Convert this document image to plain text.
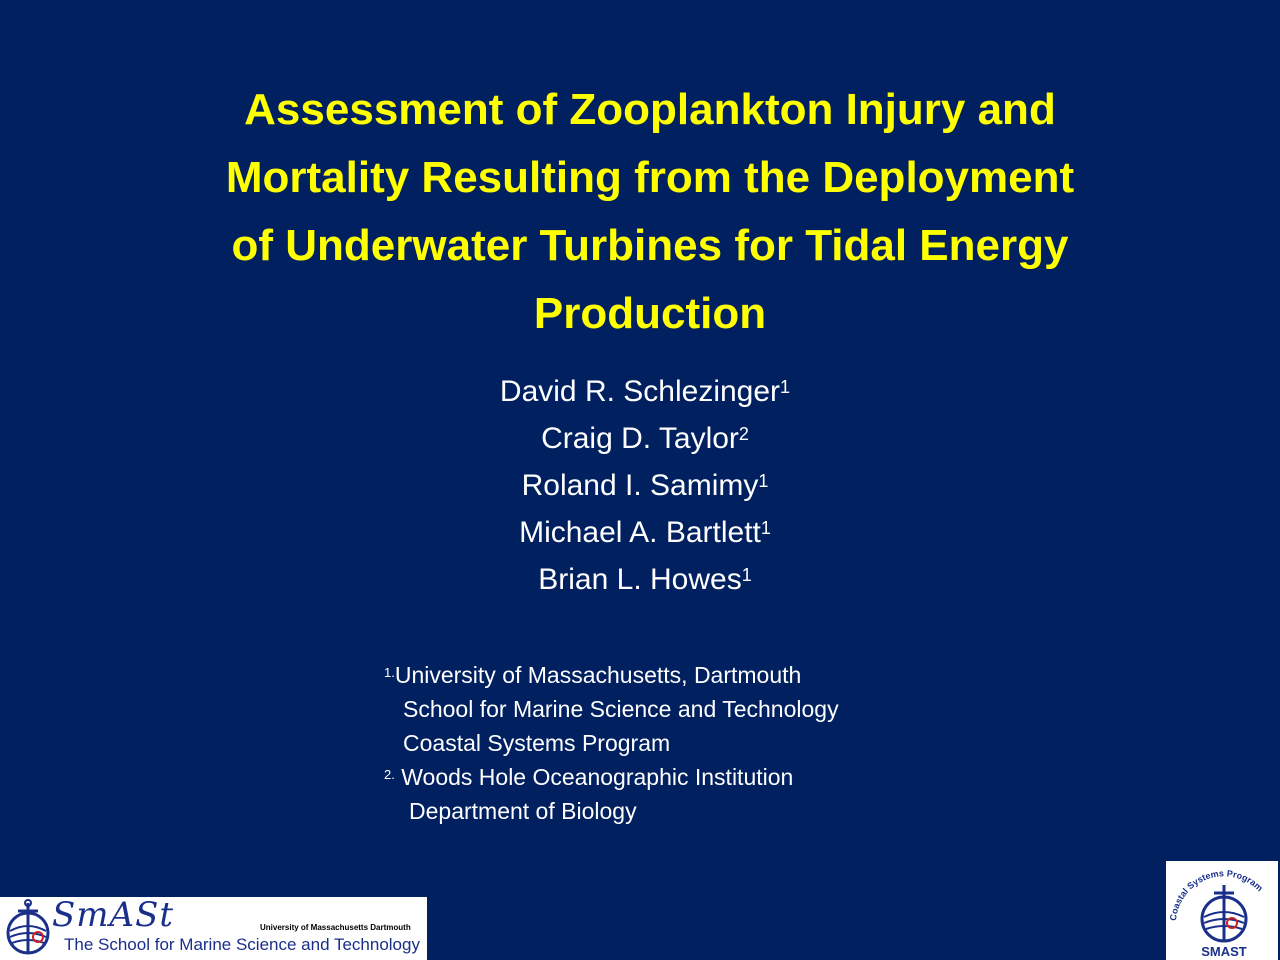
Assessment of Zooplankton Injury and
Mortality Resulting from the Deployment
of Underwater Turbines for Tidal Energy
Production
David R. Schlezinger$^1$
Craig D. Taylor$^2$
Roland I. Samimy$^1$
Michael A. Bartlett$^1$
Brian L. Howes$^1$
$^{1.}$University of Massachusetts, Dartmouth
School for Marine Science and Technology
Coastal Systems Program
$^{2.}$ Woods Hole Oceanographic Institution
Department of Biology
SmASt	University of Massachusetts Dartmouth
The School for Marine Science and Technology
Coastal Systems Program
SMAST
